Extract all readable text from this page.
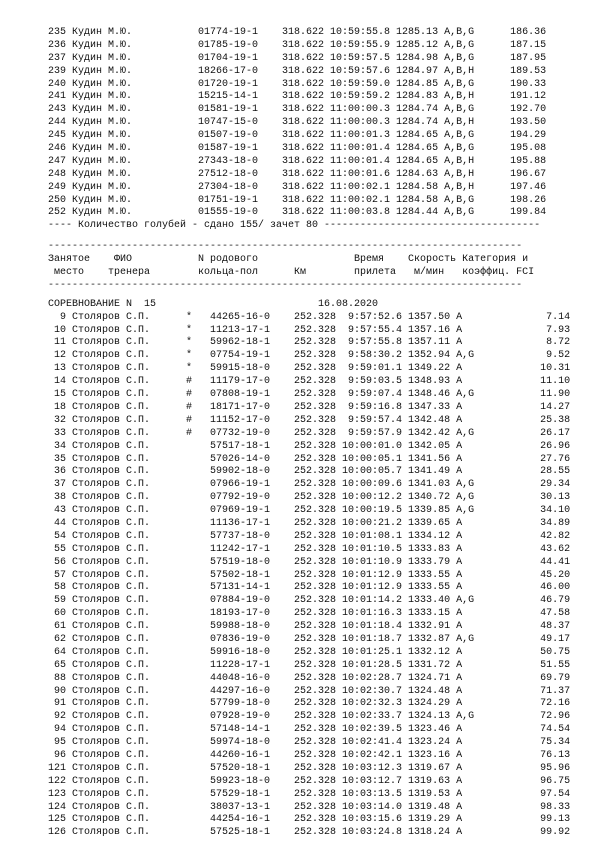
235 Кудин М.Ю.           01774-19-1    318.622 10:59:55.8 1285.13 A,B,G      186.36
236 Кудин М.Ю.           01785-19-0    318.622 10:59:55.9 1285.12 A,B,G      187.15
237 Кудин М.Ю.           01704-19-1    318.622 10:59:57.5 1284.98 A,B,G      187.95
239 Кудин М.Ю.           18266-17-0    318.622 10:59:57.6 1284.97 A,B,H      189.53
240 Кудин М.Ю.           01720-19-1    318.622 10:59:59.0 1284.85 A,B,G      190.33
241 Кудин М.Ю.           15215-14-1    318.622 10:59:59.2 1284.83 A,B,H      191.12
243 Кудин М.Ю.           01581-19-1    318.622 11:00:00.3 1284.74 A,B,G      192.70
244 Кудин М.Ю.           10747-15-0    318.622 11:00:00.3 1284.74 A,B,H      193.50
245 Кудин М.Ю.           01507-19-0    318.622 11:00:01.3 1284.65 A,B,G      194.29
246 Кудин М.Ю.           01587-19-1    318.622 11:00:01.4 1284.65 A,B,G      195.08
247 Кудин М.Ю.           27343-18-0    318.622 11:00:01.4 1284.65 A,B,H      195.88
248 Кудин М.Ю.           27512-18-0    318.622 11:00:01.6 1284.63 A,B,H      196.67
249 Кудин М.Ю.           27304-18-0    318.622 11:00:02.1 1284.58 A,B,H      197.46
250 Кудин М.Ю.           01751-19-1    318.622 11:00:02.1 1284.58 A,B,G      198.26
252 Кудин М.Ю.           01555-19-0    318.622 11:00:03.8 1284.44 A,B,G      199.84
---- Количество голубей - сдано 155/ зачет 80 ------------------------------------
-------------------------------------------------------------------------------
Занятое    ФИО           N родового                Время    Скорость Категория и
место    тренера        кольца-пол      Км        прилета   м/мин   коэффиц. FCI
-------------------------------------------------------------------------------
СОРЕВНОВАНИЕ N  15                           16.08.2020
9 Столяров С.П.      *   44265-16-0    252.328  9:57:52.6 1357.50 A              7.14
10 Столяров С.П.      *   11213-17-1    252.328  9:57:55.4 1357.16 A              7.93
11 Столяров С.П.      *   59962-18-1    252.328  9:57:55.8 1357.11 A              8.72
12 Столяров С.П.      *   07754-19-1    252.328  9:58:30.2 1352.94 A,G            9.52
13 Столяров С.П.      *   59915-18-0    252.328  9:59:01.1 1349.22 A             10.31
14 Столяров С.П.      #   11179-17-0    252.328  9:59:03.5 1348.93 A             11.10
15 Столяров С.П.      #   07808-19-1    252.328  9:59:07.4 1348.46 A,G           11.90
18 Столяров С.П.      #   18171-17-0    252.328  9:59:16.8 1347.33 A             14.27
32 Столяров С.П.      #   11152-17-0    252.328  9:59:57.4 1342.48 A             25.38
33 Столяров С.П.      #   07732-19-0    252.328  9:59:57.9 1342.42 A,G           26.17
34 Столяров С.П.          57517-18-1    252.328 10:00:01.0 1342.05 A             26.96
35 Столяров С.П.          57026-14-0    252.328 10:00:05.1 1341.56 A             27.76
36 Столяров С.П.          59902-18-0    252.328 10:00:05.7 1341.49 A             28.55
37 Столяров С.П.          07966-19-1    252.328 10:00:09.6 1341.03 A,G           29.34
38 Столяров С.П.          07792-19-0    252.328 10:00:12.2 1340.72 A,G           30.13
43 Столяров С.П.          07969-19-1    252.328 10:00:19.5 1339.85 A,G           34.10
44 Столяров С.П.          11136-17-1    252.328 10:00:21.2 1339.65 A             34.89
54 Столяров С.П.          57737-18-0    252.328 10:01:08.1 1334.12 A             42.82
55 Столяров С.П.          11242-17-1    252.328 10:01:10.5 1333.83 A             43.62
56 Столяров С.П.          57519-18-0    252.328 10:01:10.9 1333.79 A             44.41
57 Столяров С.П.          57502-18-1    252.328 10:01:12.9 1333.55 A             45.20
58 Столяров С.П.          57131-14-1    252.328 10:01:12.9 1333.55 A             46.00
59 Столяров С.П.          07884-19-0    252.328 10:01:14.2 1333.40 A,G           46.79
60 Столяров С.П.          18193-17-0    252.328 10:01:16.3 1333.15 A             47.58
61 Столяров С.П.          59988-18-0    252.328 10:01:18.4 1332.91 A             48.37
62 Столяров С.П.          07836-19-0    252.328 10:01:18.7 1332.87 A,G           49.17
64 Столяров С.П.          59916-18-0    252.328 10:01:25.1 1332.12 A             50.75
65 Столяров С.П.          11228-17-1    252.328 10:01:28.5 1331.72 A             51.55
88 Столяров С.П.          44048-16-0    252.328 10:02:28.7 1324.71 A             69.79
90 Столяров С.П.          44297-16-0    252.328 10:02:30.7 1324.48 A             71.37
91 Столяров С.П.          57799-18-0    252.328 10:02:32.3 1324.29 A             72.16
92 Столяров С.П.          07928-19-0    252.328 10:02:33.7 1324.13 A,G           72.96
94 Столяров С.П.          57148-14-1    252.328 10:02:39.5 1323.46 A             74.54
95 Столяров С.П.          59974-18-0    252.328 10:02:41.4 1323.24 A             75.34
96 Столяров С.П.          44260-16-1    252.328 10:02:42.1 1323.16 A             76.13
121 Столяров С.П.          57520-18-1    252.328 10:03:12.3 1319.67 A             95.96
122 Столяров С.П.          59923-18-0    252.328 10:03:12.7 1319.63 A             96.75
123 Столяров С.П.          57529-18-1    252.328 10:03:13.5 1319.53 A             97.54
124 Столяров С.П.          38037-13-1    252.328 10:03:14.0 1319.48 A             98.33
125 Столяров С.П.          44254-16-1    252.328 10:03:15.6 1319.29 A             99.13
126 Столяров С.П.          57525-18-1    252.328 10:03:24.8 1318.24 A             99.92
